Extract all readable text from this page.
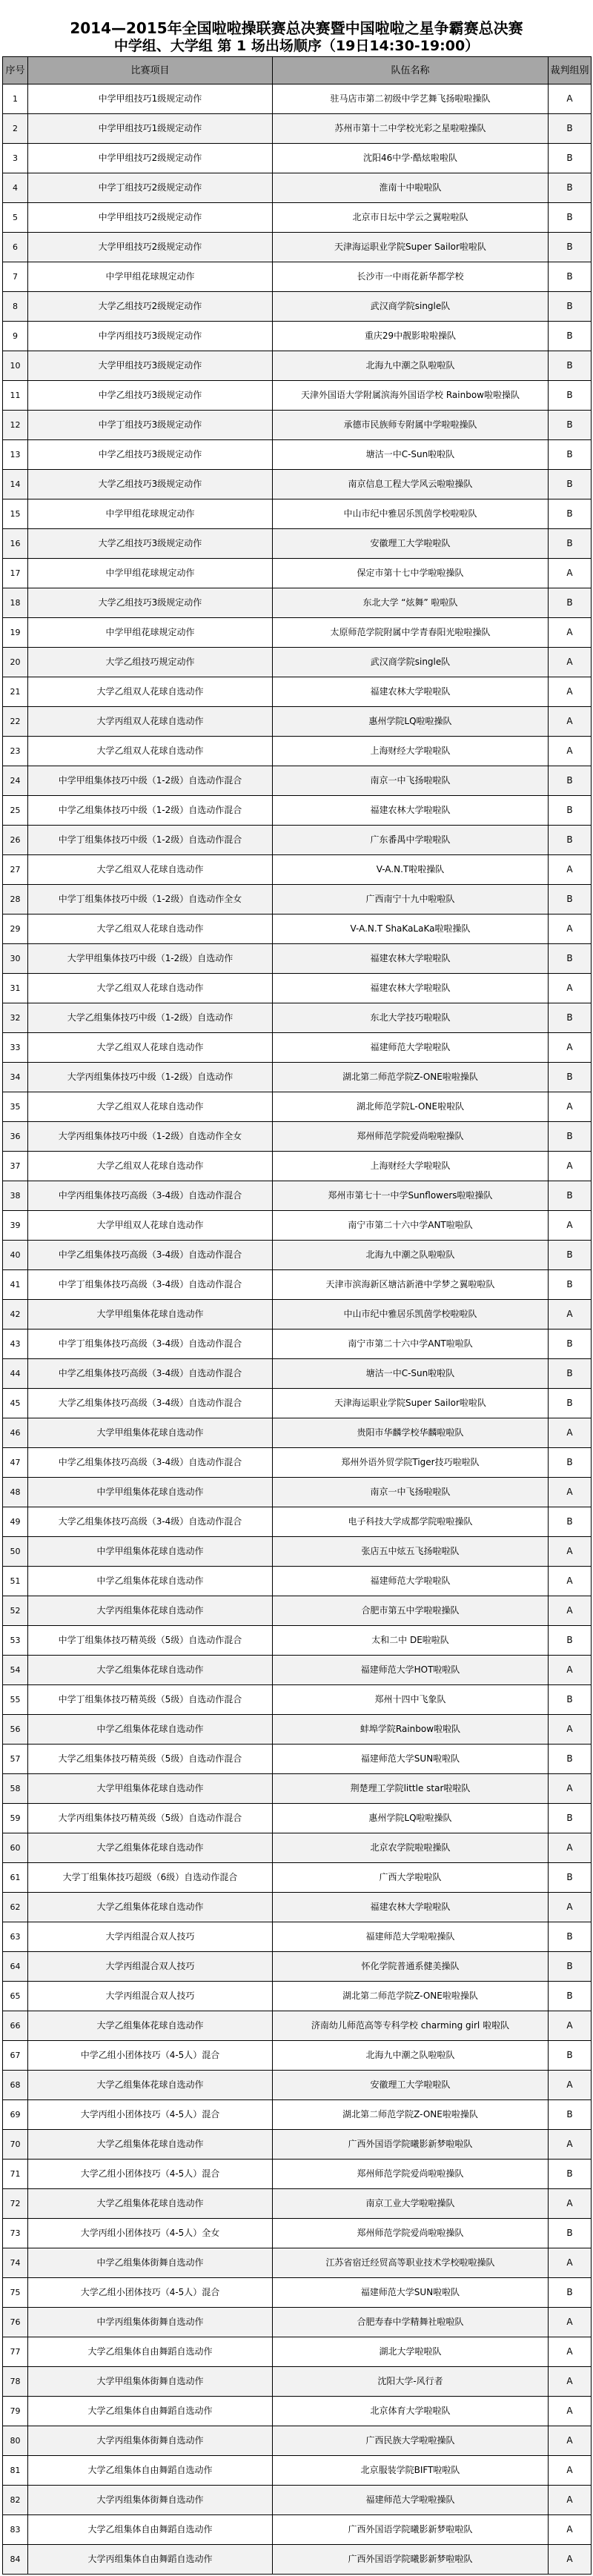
2014—2015年全国啦啦操联赛总决赛暨中国啦啦之星争霸赛总决赛
中学组、大学组 第 1 场出场顺序（19日14:30-19:00）
序号	比赛项目	队伍名称	裁判组别
1	中学甲组技巧1级规定动作	驻马店市第二初级中学艺舞飞扬啦啦操队	A
2	中学甲组技巧1级规定动作	苏州市第十二中学校光彩之星啦啦操队	B
3	中学甲组技巧2级规定动作	沈阳46中学·酷炫啦啦队	B
4	中学丁组技巧2级规定动作	淮南十中啦啦队	B
5	中学甲组技巧2级规定动作	北京市日坛中学云之翼啦啦队	B
6	大学甲组技巧2级规定动作	天津海运职业学院Super Sailor啦啦队	B
7	中学甲组花球规定动作	长沙市一中雨花新华都学校	B
8	大学乙组技巧2级规定动作	武汉商学院single队	B
9	中学丙组技巧3级规定动作	重庆29中靓影啦啦操队	B
10	大学甲组技巧3级规定动作	北海九中潮之队啦啦队	B
11	中学乙组技巧3级规定动作	天津外国语大学附属滨海外国语学校 Rainbow啦啦操队	B
12	中学丁组技巧3级规定动作	承德市民族师专附属中学啦啦操队	B
13	中学乙组技巧3级规定动作	塘沽一中C-Sun啦啦队	B
14	大学乙组技巧3级规定动作	南京信息工程大学风云啦啦操队	B
15	中学甲组花球规定动作	中山市纪中雅居乐凯茵学校啦啦队	B
16	大学乙组技巧3级规定动作	安徽理工大学啦啦队	B
17	中学甲组花球规定动作	保定市第十七中学啦啦操队	A
18	大学乙组技巧3级规定动作	东北大学 “炫舞” 啦啦队	B
19	中学甲组花球规定动作	太原师范学院附属中学青春阳光啦啦操队	A
20	大学乙组技巧规定动作	武汉商学院single队	A
21	大学乙组双人花球自选动作	福建农林大学啦啦队	A
22	大学丙组双人花球自选动作	惠州学院LQ啦啦操队	A
23	大学乙组双人花球自选动作	上海财经大学啦啦队	A
24	中学甲组集体技巧中级（1-2级）自选动作混合	南京一中飞扬啦啦队	B
25	中学乙组集体技巧中级（1-2级）自选动作混合	福建农林大学啦啦队	B
26	中学丁组集体技巧中级（1-2级）自选动作混合	广东番禺中学啦啦队	B
27	大学乙组双人花球自选动作	V-A.N.T啦啦操队	A
28	中学丁组集体技巧中级（1-2级）自选动作全女	广西南宁十九中啦啦队	B
29	大学乙组双人花球自选动作	V-A.N.T ShaKaLaKa啦啦操队	A
30	大学甲组集体技巧中级（1-2级）自选动作	福建农林大学啦啦队	B
31	大学乙组双人花球自选动作	福建农林大学啦啦队	A
32	大学乙组集体技巧中级（1-2级）自选动作	东北大学技巧啦啦队	B
33	大学乙组双人花球自选动作	福建师范大学啦啦队	A
34	大学丙组集体技巧中级（1-2级）自选动作	湖北第二师范学院Z-ONE啦啦操队	B
35	大学乙组双人花球自选动作	湖北师范学院L-ONE啦啦队	A
36	大学丙组集体技巧中级（1-2级）自选动作全女	郑州师范学院爱尚啦啦操队	B
37	大学乙组双人花球自选动作	上海财经大学啦啦队	A
38	中学丙组集体技巧高级（3-4级）自选动作混合	郑州市第七十一中学Sunflowers啦啦操队	B
39	大学甲组双人花球自选动作	南宁市第二十六中学ANT啦啦队	A
40	中学乙组集体技巧高级（3-4级）自选动作混合	北海九中潮之队啦啦队	B
41	中学丁组集体技巧高级（3-4级）自选动作混合	天津市滨海新区塘沽新港中学梦之翼啦啦队	B
42	大学甲组集体花球自选动作	中山市纪中雅居乐凯茵学校啦啦队	A
43	中学丁组集体技巧高级（3-4级）自选动作混合	南宁市第二十六中学ANT啦啦队	B
44	中学乙组集体技巧高级（3-4级）自选动作混合	塘沽一中C-Sun啦啦队	B
45	大学乙组集体技巧高级（3-4级）自选动作混合	天津海运职业学院Super Sailor啦啦队	B
46	大学甲组集体花球自选动作	贵阳市华麟学校华麟啦啦队	A
47	中学乙组集体技巧高级（3-4级）自选动作混合	郑州外语外贸学院Tiger技巧啦啦队	B
48	中学甲组集体花球自选动作	南京一中飞扬啦啦队	A
49	大学乙组集体技巧高级（3-4级）自选动作混合	电子科技大学成都学院啦啦操队	B
50	中学甲组集体花球自选动作	张店五中炫五飞扬啦啦队	A
51	中学乙组集体花球自选动作	福建师范大学啦啦队	A
52	大学丙组集体花球自选动作	合肥市第五中学啦啦操队	A
53	中学丁组集体技巧精英级（5级）自选动作混合	太和二中 DE啦啦队	B
54	大学乙组集体花球自选动作	福建师范大学HOT啦啦队	A
55	中学丁组集体技巧精英级（5级）自选动作混合	郑州十四中飞象队	B
56	中学乙组集体花球自选动作	蚌埠学院Rainbow啦啦队	A
57	大学乙组集体技巧精英级（5级）自选动作混合	福建师范大学SUN啦啦队	B
58	大学甲组集体花球自选动作	荆楚理工学院little star啦啦队	A
59	大学丙组集体技巧精英级（5级）自选动作混合	惠州学院LQ啦啦操队	B
60	大学乙组集体花球自选动作	北京农学院啦啦操队	A
61	大学丁组集体技巧超级（6级）自选动作混合	广西大学啦啦队	B
62	大学乙组集体花球自选动作	福建农林大学啦啦队	A
63	大学丙组混合双人技巧	福建师范大学啦啦操队	B
64	大学丙组混合双人技巧	怀化学院普通系健美操队	B
65	大学丙组混合双人技巧	湖北第二师范学院Z-ONE啦啦操队	B
66	大学乙组集体花球自选动作	济南幼儿师范高等专科学校 charming girl 啦啦队	A
67	中学乙组小团体技巧（4-5人）混合	北海九中潮之队啦啦队	B
68	大学乙组集体花球自选动作	安徽理工大学啦啦队	A
69	大学丙组小团体技巧（4-5人）混合	湖北第二师范学院Z-ONE啦啦操队	B
70	大学乙组集体花球自选动作	广西外国语学院曦影新梦啦啦队	A
71	大学乙组小团体技巧（4-5人）混合	郑州师范学院爱尚啦啦操队	B
72	大学乙组集体花球自选动作	南京工业大学啦啦操队	A
73	大学丙组小团体技巧（4-5人）全女	郑州师范学院爱尚啦啦操队	B
74	中学乙组集体街舞自选动作	江苏省宿迁经贸高等职业技术学校啦啦操队	A
75	大学乙组小团体技巧（4-5人）混合	福建师范大学SUN啦啦队	B
76	中学丙组集体街舞自选动作	合肥寿春中学精舞社啦啦队	A
77	大学乙组集体自由舞蹈自选动作	湖北大学啦啦队	A
78	大学甲组集体街舞自选动作	沈阳大学-风行者	A
79	大学乙组集体自由舞蹈自选动作	北京体育大学啦啦队	A
80	大学丙组集体街舞自选动作	广西民族大学啦啦操队	A
81	大学乙组集体自由舞蹈自选动作	北京服装学院BIFT啦啦队	A
82	大学丙组集体街舞自选动作	福建师范大学啦啦操队	A
83	大学乙组集体自由舞蹈自选动作	广西外国语学院曦影新梦啦啦队	A
84	大学丙组集体自由舞蹈自选动作	广西外国语学院曦影新梦啦啦队	A
